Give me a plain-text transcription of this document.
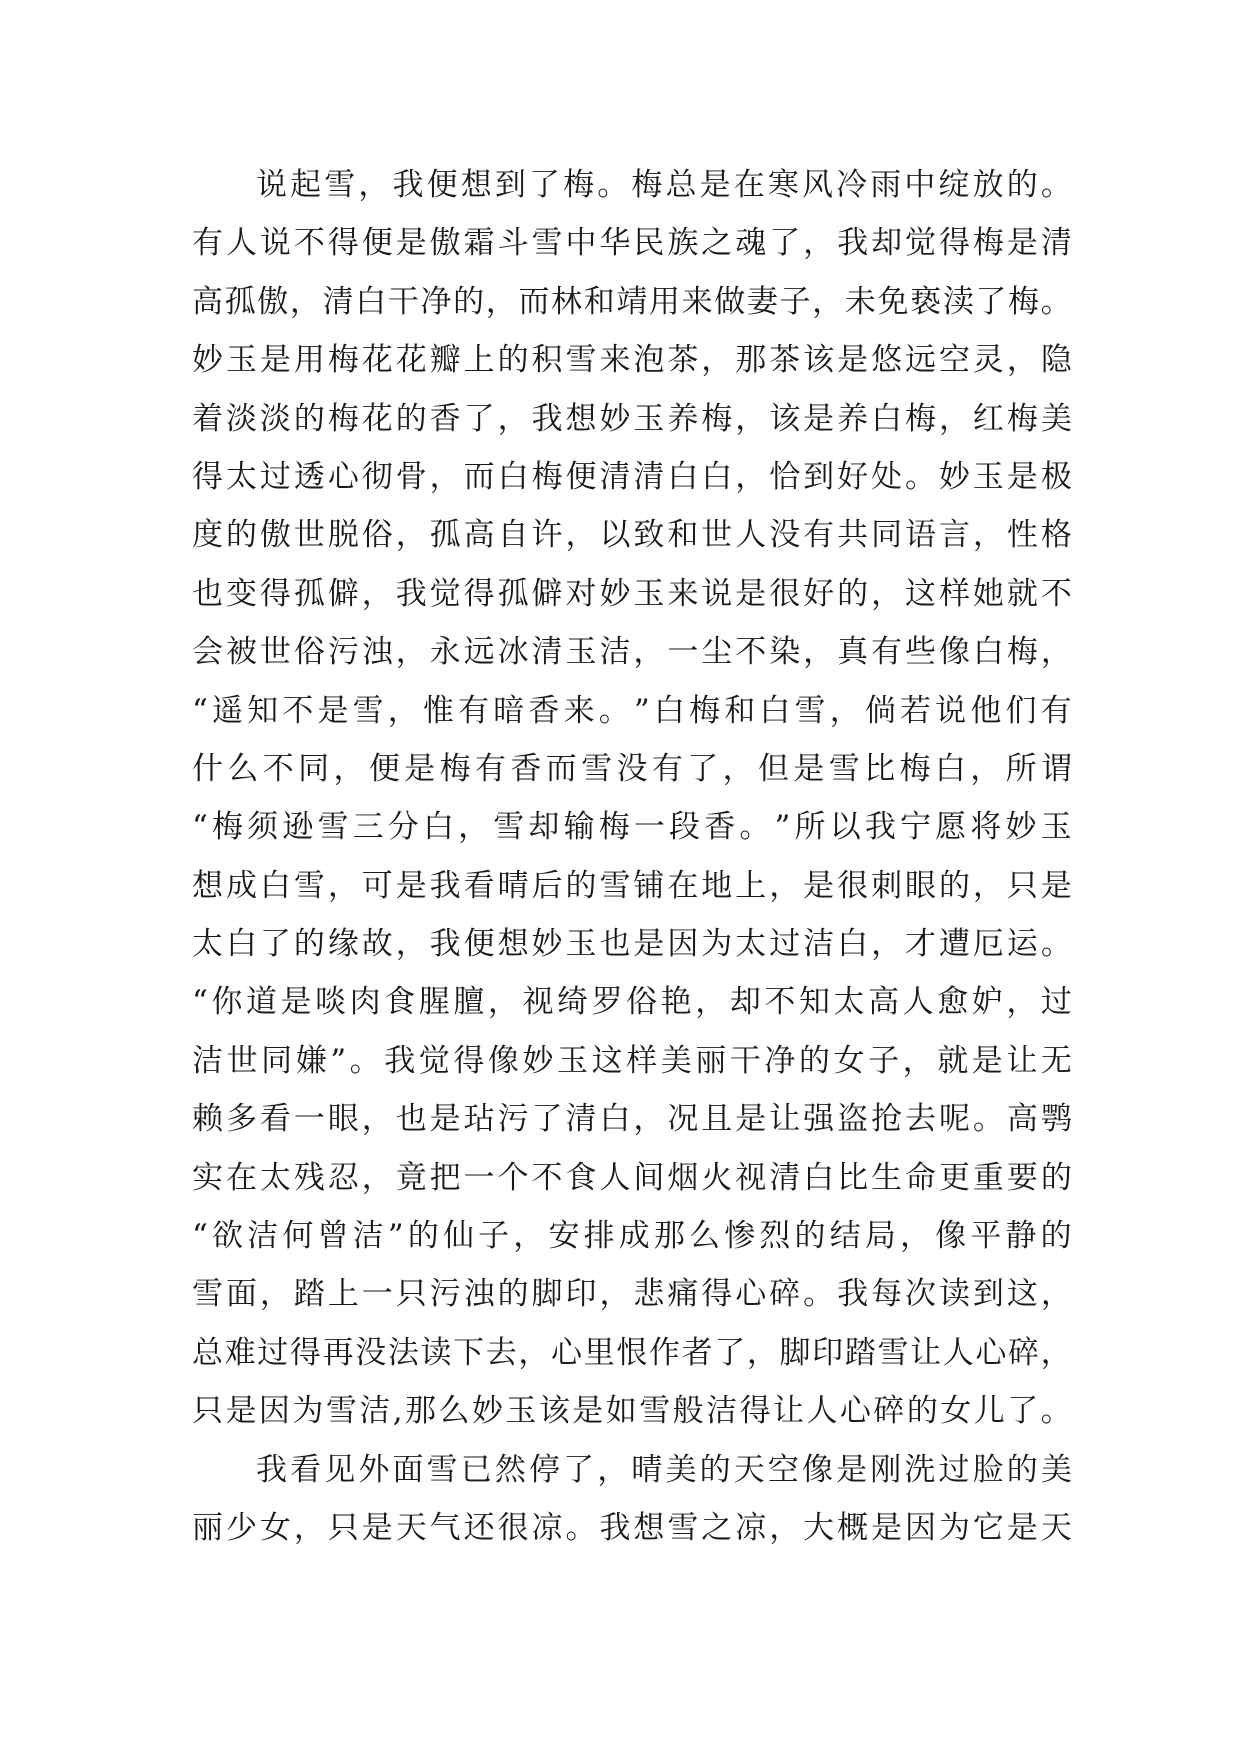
说 起 雪 ， 我 便 想 到 了 梅 。 梅 总 是 在 寒 风 冷 雨 中 绽 放 的 。
有 人 说 不 得 便 是 傲 霜 斗 雪 中 华 民 族 之 魂 了 ， 我 却 觉 得 梅 是 清
高 孤 傲 ， 清 白 干 净 的 ， 而 林 和 靖 用 来 做 妻 子 ， 未 免 亵 渎 了 梅 。
妙 玉 是 用 梅 花 花 瓣 上 的 积 雪 来 泡 茶 ， 那 茶 该 是 悠 远 空 灵 ， 隐
着 淡 淡 的 梅 花 的 香 了 ， 我 想 妙 玉 养 梅 ， 该 是 养 白 梅 ， 红 梅 美
得 太 过 透 心 彻 骨 ， 而 白 梅 便 清 清 白 白 ， 恰 到 好 处 。 妙 玉 是 极
度 的 傲 世 脱 俗 ， 孤 高 自 许 ， 以 致 和 世 人 没 有 共 同 语 言 ， 性 格
也 变 得 孤 僻 ， 我 觉 得 孤 僻 对 妙 玉 来 说 是 很 好 的 ， 这 样 她 就 不
会 被 世 俗 污 浊 ， 永 远 冰 清 玉 洁 ， 一 尘 不 染 ， 真 有 些 像 白 梅 ，
“ 遥 知 不 是 雪 ， 惟 有 暗 香 来 。 ” 白 梅 和 白 雪 ， 倘 若 说 他 们 有
什 么 不 同 ， 便 是 梅 有 香 而 雪 没 有 了 ， 但 是 雪 比 梅 白 ， 所 谓
“ 梅 须 逊 雪 三 分 白 ， 雪 却 输 梅 一 段 香 。 ” 所 以 我 宁 愿 将 妙 玉
想 成 白 雪 ， 可 是 我 看 晴 后 的 雪 铺 在 地 上 ， 是 很 刺 眼 的 ， 只 是
太 白 了 的 缘 故 ， 我 便 想 妙 玉 也 是 因 为 太 过 洁 白 ， 才 遭 厄 运 。
“ 你 道 是 啖 肉 食 腥 膻 ， 视 绮 罗 俗 艳 ， 却 不 知 太 高 人 愈 妒 ， 过
洁 世 同 嫌 ” 。 我 觉 得 像 妙 玉 这 样 美 丽 干 净 的 女 子 ， 就 是 让 无
赖 多 看 一 眼 ， 也 是 玷 污 了 清 白 ， 况 且 是 让 强 盗 抢 去 呢 。 高 鹗
实 在 太 残 忍 ， 竟 把 一 个 不 食 人 间 烟 火 视 清 白 比 生 命 更 重 要 的
“ 欲 洁 何 曾 洁 ” 的 仙 子 ， 安 排 成 那 么 惨 烈 的 结 局 ， 像 平 静 的
雪 面 ， 踏 上 一 只 污 浊 的 脚 印 ， 悲 痛 得 心 碎 。 我 每 次 读 到 这 ，
总 难 过 得 再 没 法 读 下 去 ， 心 里 恨 作 者 了 ， 脚 印 踏 雪 让 人 心 碎 ，
只 是 因 为 雪 洁 , 那 么 妙 玉 该 是 如 雪 般 洁 得 让 人 心 碎 的 女 儿 了 。
我 看 见 外 面 雪 已 然 停 了 ， 晴 美 的 天 空 像 是 刚 洗 过 脸 的 美
丽 少 女 ， 只 是 天 气 还 很 凉 。 我 想 雪 之 凉 ， 大 概 是 因 为 它 是 天
